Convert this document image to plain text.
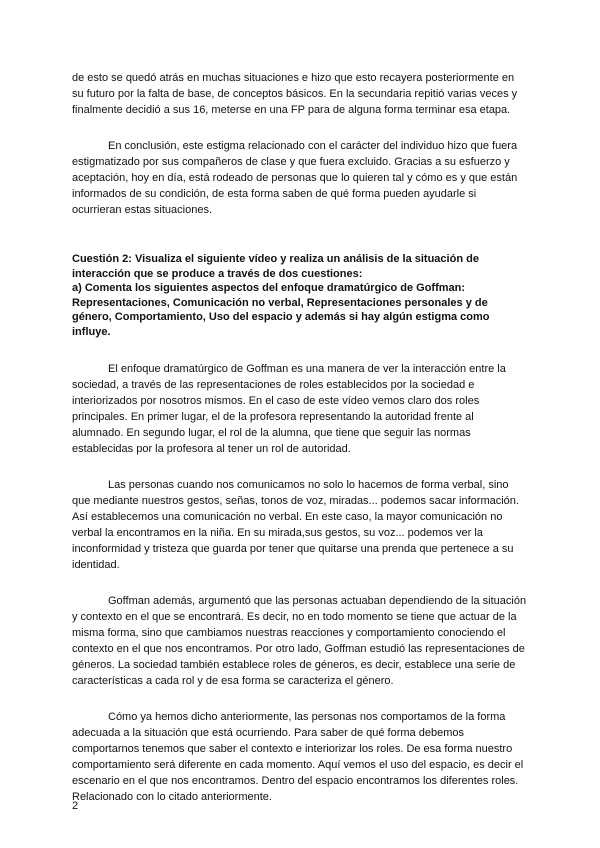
de esto se quedó atrás en muchas situaciones e hizo que esto recayera posteriormente en su futuro por la falta de base, de conceptos básicos. En la secundaria repitió varias veces y finalmente decidió a sus 16, meterse en una FP para de alguna forma terminar esa etapa.

En conclusión, este estigma relacionado con el carácter del individuo hizo que fuera estigmatizado por sus compañeros de clase y que fuera excluido. Gracias a su esfuerzo y aceptación, hoy en día, está rodeado de personas que lo quieren tal y cómo es y que están informados de su condición, de esta forma saben de qué forma pueden ayudarle si ocurrieran estas situaciones.

Cuestión 2: Visualiza el siguiente vídeo y realiza un análisis de la situación de interacción que se produce a través de dos cuestiones:
a) Comenta los siguientes aspectos del enfoque dramatúrgico de Goffman: Representaciones, Comunicación no verbal, Representaciones personales y de género, Comportamiento, Uso del espacio y además si hay algún estigma como influye.

El enfoque dramatúrgico de Goffman es una manera de ver la interacción entre la sociedad, a través de las representaciones de roles establecidos por la sociedad e interiorizados por nosotros mismos. En el caso de este vídeo vemos claro dos roles principales. En primer lugar, el de la profesora representando la autoridad frente al alumnado. En segundo lugar, el rol de la alumna, que tiene que seguir las normas establecidas por la profesora al tener un rol de autoridad.

Las personas cuando nos comunicamos no solo lo hacemos de forma verbal, sino que mediante nuestros gestos, señas, tonos de voz, miradas... podemos sacar información. Así establecemos una comunicación no verbal. En este caso, la mayor comunicación no verbal la encontramos en la niña. En su mirada,sus gestos, su voz... podemos ver la inconformidad y tristeza que guarda por tener que quitarse una prenda que pertenece a su identidad.

Goffman además, argumentó que las personas actuaban dependiendo de la situación y contexto en el que se encontrará. Es decir, no en todo momento se tiene que actuar de la misma forma, sino que cambiamos nuestras reacciones y comportamiento conociendo el contexto en el que nos encontramos. Por otro lado, Goffman estudió las representaciones de géneros. La sociedad también establece roles de géneros, es decir, establece una serie de características a cada rol y de esa forma se caracteriza el género.

Cómo ya hemos dicho anteriormente, las personas nos comportamos de la forma adecuada a la situación que está ocurriendo. Para saber de qué forma debemos comportarnos tenemos que saber el contexto e interiorizar los roles. De esa forma nuestro comportamiento será diferente en cada momento. Aquí vemos el uso del espacio, es decir el escenario en el que nos encontramos. Dentro del espacio encontramos los diferentes roles. Relacionado con lo citado anteriormente.

2
